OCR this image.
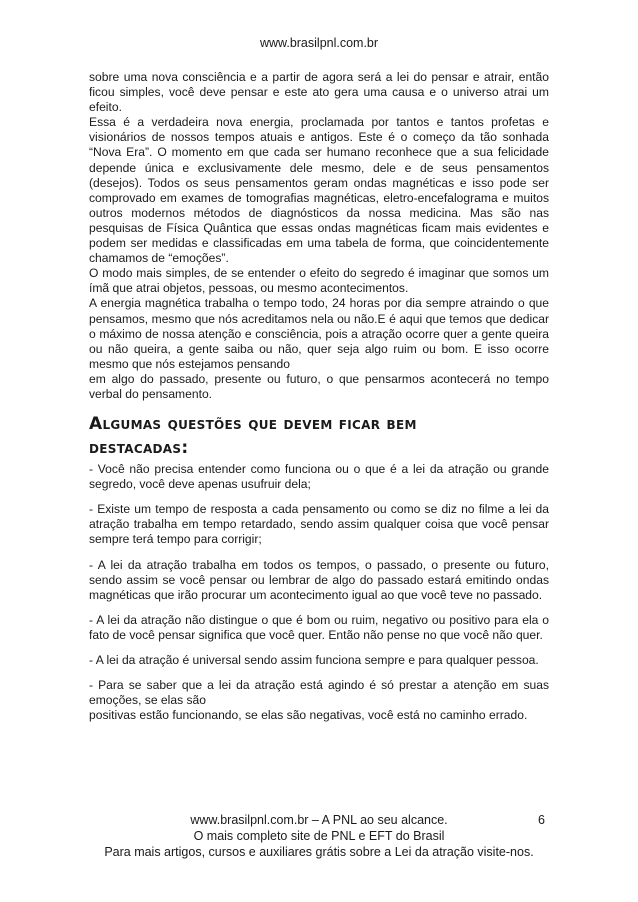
www.brasilpnl.com.br

sobre uma nova consciência e a partir de agora será a lei do pensar e atrair, então ficou simples, você deve pensar e este ato gera uma causa e o universo atrai um efeito.

Essa é a verdadeira nova energia, proclamada por tantos e tantos profetas e visionários de nossos tempos atuais e antigos. Este é o começo da tão sonhada “Nova Era”. O momento em que cada ser humano reconhece que a sua felicidade depende única e exclusivamente dele mesmo, dele e de seus pensamentos (desejos). Todos os seus pensamentos geram ondas magnéticas e isso pode ser comprovado em exames de tomografias magnéticas, eletro-encefalograma e muitos outros modernos métodos de diagnósticos da nossa medicina. Mas são nas pesquisas de Física Quântica que essas ondas magnéticas ficam mais evidentes e podem ser medidas e classificadas em uma tabela de forma, que coincidentemente chamamos de “emoções”.

O modo mais simples, de se entender o efeito do segredo é imaginar que somos um ímã que atrai objetos, pessoas, ou mesmo acontecimentos.

A energia magnética trabalha o tempo todo, 24 horas por dia sempre atraindo o que pensamos, mesmo que nós acreditamos nela ou não.E é aqui que temos que dedicar o máximo de nossa atenção e consciência, pois a atração ocorre quer a gente queira ou não queira, a gente saiba ou não, quer seja algo ruim ou bom. E isso ocorre mesmo que nós estejamos pensando

em algo do passado, presente ou futuro, o que pensarmos acontecerá no tempo verbal do pensamento.

Algumas questões que devem ficar bem destacadas:

- Você não precisa entender como funciona ou o que é a lei da atração ou grande segredo, você deve apenas usufruir dela;

- Existe um tempo de resposta a cada pensamento ou como se diz no filme a lei da atração trabalha em tempo retardado, sendo assim qualquer coisa que você pensar sempre terá tempo para corrigir;

- A lei da atração trabalha em todos os tempos, o passado, o presente ou futuro, sendo assim se você pensar ou lembrar de algo do passado estará emitindo ondas magnéticas que irão procurar um acontecimento igual ao que você teve no passado.

- A lei da atração não distingue o que é bom ou ruim, negativo ou positivo para ela o fato de você pensar significa que você quer. Então não pense no que você não quer.

- A lei da atração é universal sendo assim funciona sempre e para qualquer pessoa.

- Para se saber que a lei da atração está agindo é só prestar a atenção em suas emoções, se elas são

positivas estão funcionando, se elas são negativas, você está no caminho errado.

www.brasilpnl.com.br – A PNL ao seu alcance.	6
O mais completo site de PNL e EFT do Brasil
Para mais artigos, cursos e auxiliares grátis sobre a Lei da atração visite-nos.
